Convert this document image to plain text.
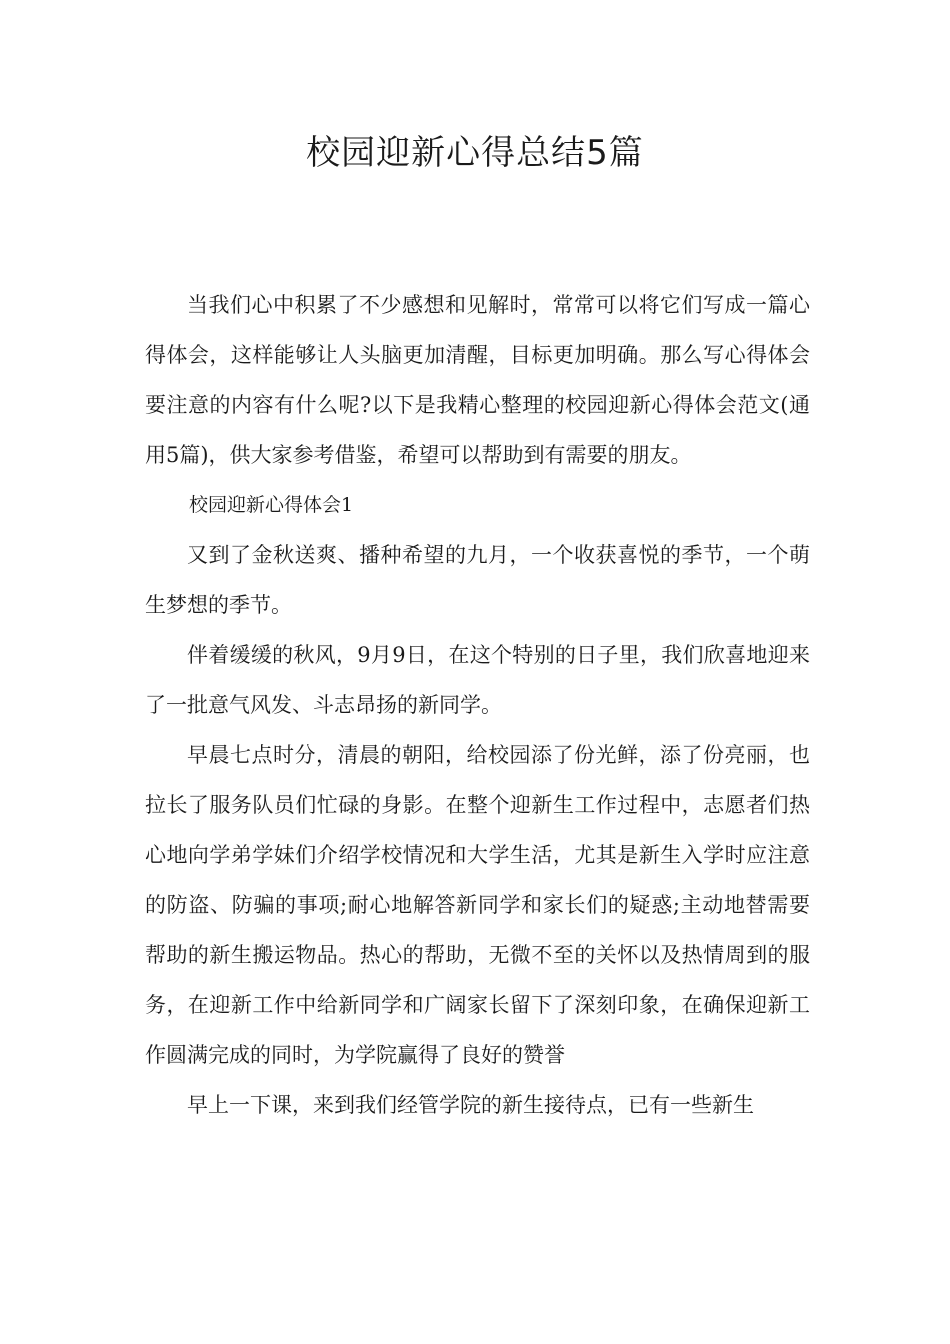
校园迎新心得总结5篇

当我们心中积累了不少感想和见解时，常常可以将它们写成一篇心得体会，这样能够让人头脑更加清醒，目标更加明确。那么写心得体会要注意的内容有什么呢?以下是我精心整理的校园迎新心得体会范文(通用5篇)，供大家参考借鉴，希望可以帮助到有需要的朋友。

校园迎新心得体会1

又到了金秋送爽、播种希望的九月，一个收获喜悦的季节，一个萌生梦想的季节。

伴着缓缓的秋风，9月9日，在这个特别的日子里，我们欣喜地迎来了一批意气风发、斗志昂扬的新同学。

早晨七点时分，清晨的朝阳，给校园添了份光鲜，添了份亮丽，也拉长了服务队员们忙碌的身影。在整个迎新生工作过程中，志愿者们热心地向学弟学妹们介绍学校情况和大学生活，尤其是新生入学时应注意的防盗、防骗的事项;耐心地解答新同学和家长们的疑惑;主动地替需要帮助的新生搬运物品。热心的帮助，无微不至的关怀以及热情周到的服务，在迎新工作中给新同学和广阔家长留下了深刻印象，在确保迎新工作圆满完成的同时，为学院赢得了良好的赞誉

早上一下课，来到我们经管学院的新生接待点，已有一些新生
